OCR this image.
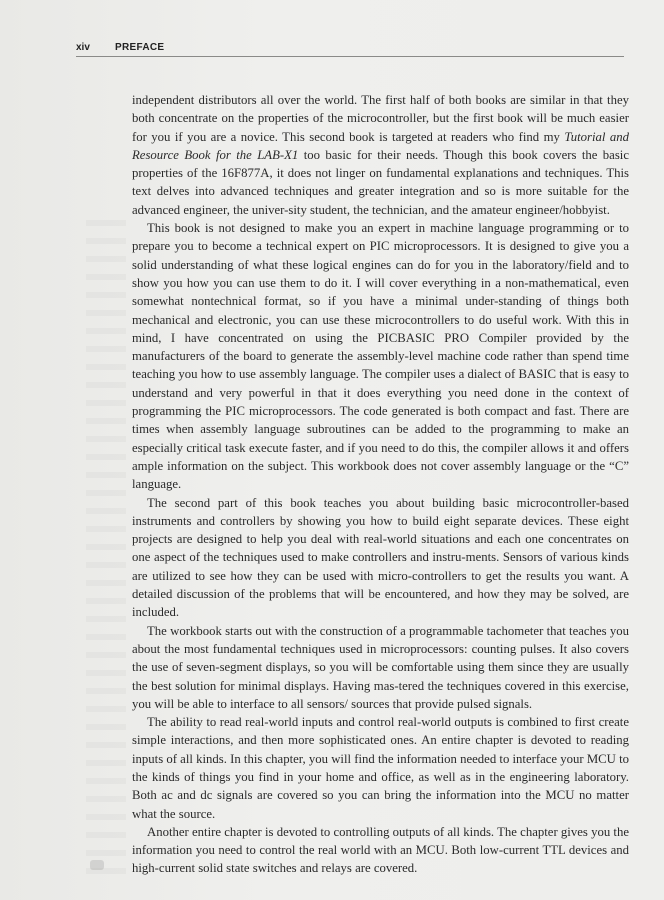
xiv	PREFACE

independent distributors all over the world. The first half of both books are similar in that they both concentrate on the properties of the microcontroller, but the first book will be much easier for you if you are a novice. This second book is targeted at readers who find my Tutorial and Resource Book for the LAB-X1 too basic for their needs. Though this book covers the basic properties of the 16F877A, it does not linger on fundamental explanations and techniques. This text delves into advanced techniques and greater integration and so is more suitable for the advanced engineer, the univer-sity student, the technician, and the amateur engineer/hobbyist.

This book is not designed to make you an expert in machine language programming or to prepare you to become a technical expert on PIC microprocessors. It is designed to give you a solid understanding of what these logical engines can do for you in the laboratory/field and to show you how you can use them to do it. I will cover everything in a non-mathematical, even somewhat nontechnical format, so if you have a minimal under-standing of things both mechanical and electronic, you can use these microcontrollers to do useful work. With this in mind, I have concentrated on using the PICBASIC PRO Compiler provided by the manufacturers of the board to generate the assembly-level machine code rather than spend time teaching you how to use assembly language. The compiler uses a dialect of BASIC that is easy to understand and very powerful in that it does everything you need done in the context of programming the PIC microprocessors. The code generated is both compact and fast. There are times when assembly language subroutines can be added to the programming to make an especially critical task execute faster, and if you need to do this, the compiler allows it and offers ample information on the subject. This workbook does not cover assembly language or the “C” language.

The second part of this book teaches you about building basic microcontroller-based instruments and controllers by showing you how to build eight separate devices. These eight projects are designed to help you deal with real-world situations and each one concentrates on one aspect of the techniques used to make controllers and instru-ments. Sensors of various kinds are utilized to see how they can be used with micro-controllers to get the results you want. A detailed discussion of the problems that will be encountered, and how they may be solved, are included.

The workbook starts out with the construction of a programmable tachometer that teaches you about the most fundamental techniques used in microprocessors: counting pulses. It also covers the use of seven-segment displays, so you will be comfortable using them since they are usually the best solution for minimal displays. Having mas-tered the techniques covered in this exercise, you will be able to interface to all sensors/ sources that provide pulsed signals.

The ability to read real-world inputs and control real-world outputs is combined to first create simple interactions, and then more sophisticated ones. An entire chapter is devoted to reading inputs of all kinds. In this chapter, you will find the information needed to interface your MCU to the kinds of things you find in your home and office, as well as in the engineering laboratory. Both ac and dc signals are covered so you can bring the information into the MCU no matter what the source.

Another entire chapter is devoted to controlling outputs of all kinds. The chapter gives you the information you need to control the real world with an MCU. Both low-current TTL devices and high-current solid state switches and relays are covered.
